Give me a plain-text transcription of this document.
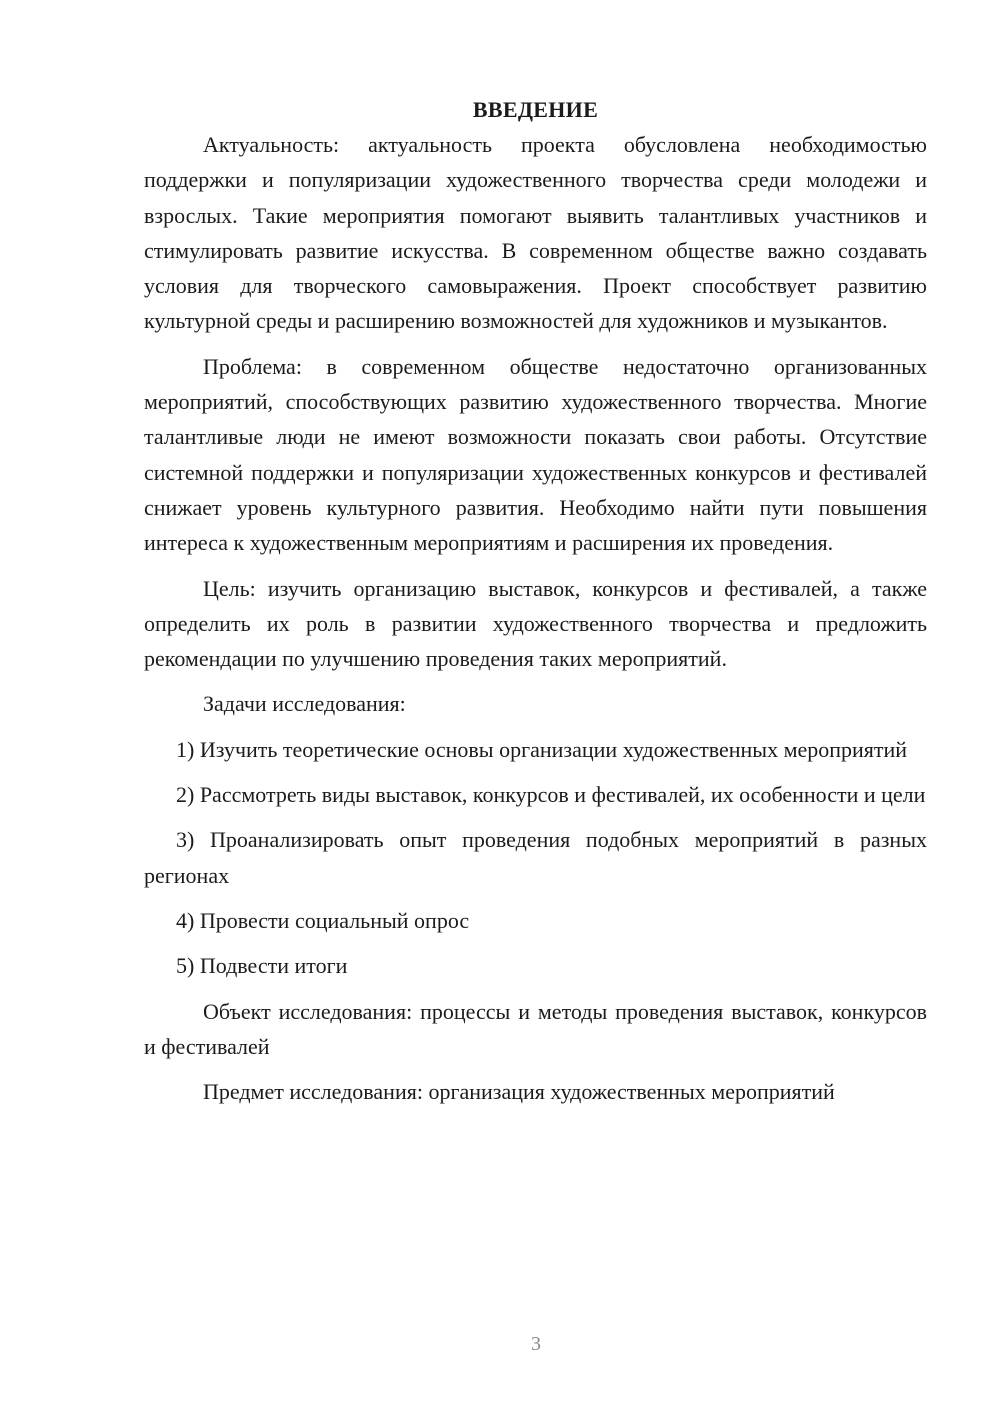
ВВЕДЕНИЕ

Актуальность: актуальность проекта обусловлена необходимостью поддержки и популяризации художественного творчества среди молодежи и взрослых. Такие мероприятия помогают выявить талантливых участников и стимулировать развитие искусства. В современном обществе важно создавать условия для творческого самовыражения. Проект способствует развитию культурной среды и расширению возможностей для художников и музыкантов.

Проблема: в современном обществе недостаточно организованных мероприятий, способствующих развитию художественного творчества. Многие талантливые люди не имеют возможности показать свои работы. Отсутствие системной поддержки и популяризации художественных конкурсов и фестивалей снижает уровень культурного развития. Необходимо найти пути повышения интереса к художественным мероприятиям и расширения их проведения.

Цель: изучить организацию выставок, конкурсов и фестивалей, а также определить их роль в развитии художественного творчества и предложить рекомендации по улучшению проведения таких мероприятий.

Задачи исследования:

1) Изучить теоретические основы организации художественных мероприятий

2) Рассмотреть виды выставок, конкурсов и фестивалей, их особенности и цели

3) Проанализировать опыт проведения подобных мероприятий в разных регионах

4) Провести социальный опрос

5) Подвести итоги

Объект исследования: процессы и методы проведения выставок, конкурсов и фестивалей

Предмет исследования: организация художественных мероприятий

3
